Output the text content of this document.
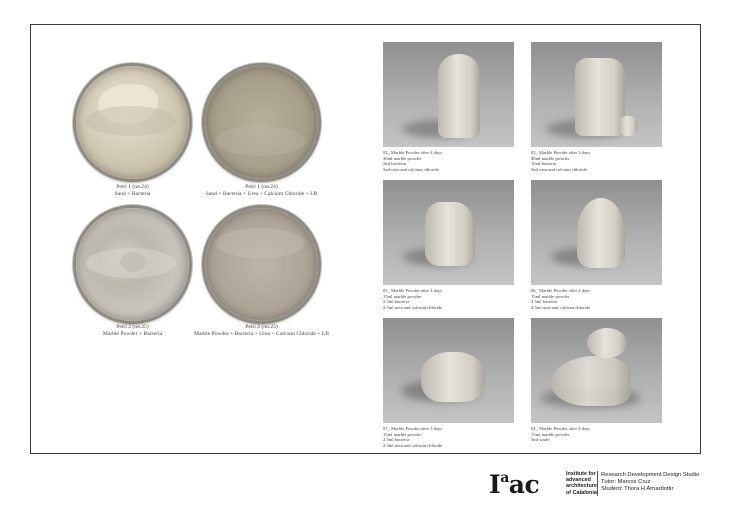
Petri 1 (no.24)
Sand + Bacteria
Petri 1 (no.24)
Sand + Bacteria + Urea + Calcium Chloride + LB
Petri 2 (no.25)
Marble Powder + Bacteria
Petri 2 (no.25)
Marble Powder + Bacteria + Urea + Calcium Chloride + LB
02_ Marble Powder after 4 days
30ml marble powder
5ml bacteria
5ml urea and calcium chloride
03_ Marble Powder after 3 days
40ml marble powder
10ml bacteria
5ml urea and calcium chloride
05_ Marble Powder after 4 days
15ml marble powder
2.5ml bacteria
2.5ml urea and calcium chloride
06_ Marble Powder after 4 days
15ml marble powder
2.5ml bacteria
2.5ml urea and calcium chloride
07_ Marble Powder after 3 days
15ml marble powder
2.5ml bacteria
2.5ml urea and calcium chloride
04_ Marble Powder after 4 days
15ml marble powder
5ml water
$I^aac$	Institute for
advanced
architecture
of Catalonia
Research Development Design Studio
Tutor: Marcos Cruz
Student: Thora H Arnardottir
